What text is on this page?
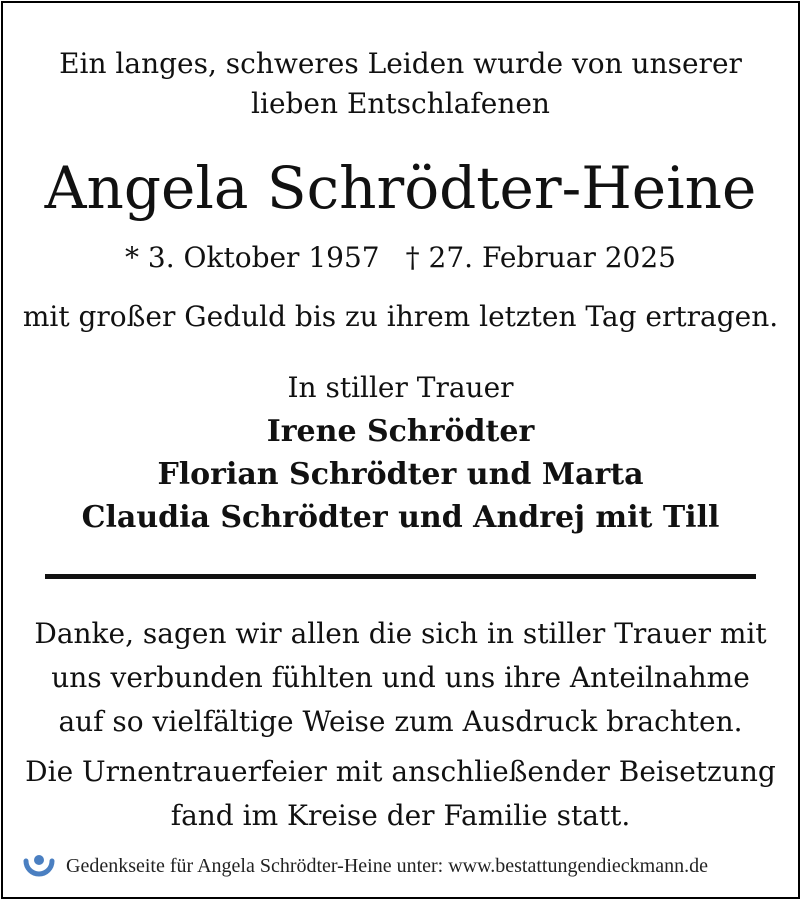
Ein langes, schweres Leiden wurde von unserer
lieben Entschlafenen
Angela Schrödter-Heine
* 3. Oktober 1957 † 27. Februar 2025
mit großer Geduld bis zu ihrem letzten Tag ertragen.
In stiller Trauer
Irene Schrödter
Florian Schrödter und Marta
Claudia Schrödter und Andrej mit Till
Danke, sagen wir allen die sich in stiller Trauer mit
uns verbunden fühlten und uns ihre Anteilnahme
auf so vielfältige Weise zum Ausdruck brachten.
Die Urnentrauerfeier mit anschließender Beisetzung
fand im Kreise der Familie statt.
Gedenkseite für Angela Schrödter-Heine unter: www.bestattungendieckmann.de
